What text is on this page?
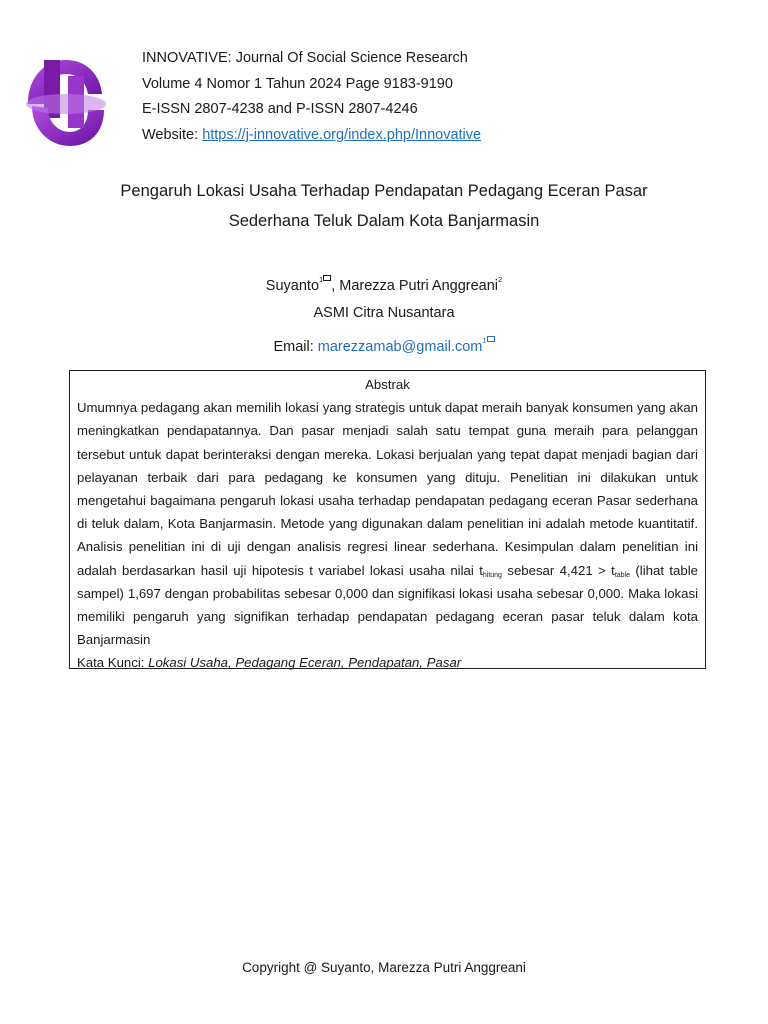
INNOVATIVE: Journal Of Social Science Research
Volume 4 Nomor 1 Tahun 2024 Page 9183-9190
E-ISSN 2807-4238 and P-ISSN 2807-4246
Website: https://j-innovative.org/index.php/Innovative
Pengaruh Lokasi Usaha Terhadap Pendapatan Pedagang Eceran Pasar
Sederhana Teluk Dalam Kota Banjarmasin
Suyanto$^1$ , Marezza Putri Anggreani$^2$
ASMI Citra Nusantara
Email: marezzamab@gmail.com$^1$
Abstrak
Umumnya pedagang akan memilih lokasi yang strategis untuk dapat meraih banyak konsumen yang akan meningkatkan pendapatannya. Dan pasar menjadi salah satu tempat guna meraih para pelanggan tersebut untuk dapat berinteraksi dengan mereka. Lokasi berjualan yang tepat dapat menjadi bagian dari pelayanan terbaik dari para pedagang ke konsumen yang dituju. Penelitian ini dilakukan untuk mengetahui bagaimana pengaruh lokasi usaha terhadap pendapatan pedagang eceran Pasar sederhana di teluk dalam, Kota Banjarmasin. Metode yang digunakan dalam penelitian ini adalah metode kuantitatif. Analisis penelitian ini di uji dengan analisis regresi linear sederhana. Kesimpulan dalam penelitian ini adalah berdasarkan hasil uji hipotesis t variabel lokasi usaha nilai $t_{hitung}$ sebesar $4,421 > t_{table}$ (lihat table sampel) 1,697 dengan probabilitas sebesar 0,000 dan signifikasi lokasi usaha sebesar 0,000. Maka lokasi memiliki pengaruh yang signifikan terhadap pendapatan pedagang eceran pasar teluk dalam kota Banjarmasin
Kata Kunci: Lokasi Usaha, Pedagang Eceran, Pendapatan, Pasar
Copyright @ Suyanto, Marezza Putri Anggreani
